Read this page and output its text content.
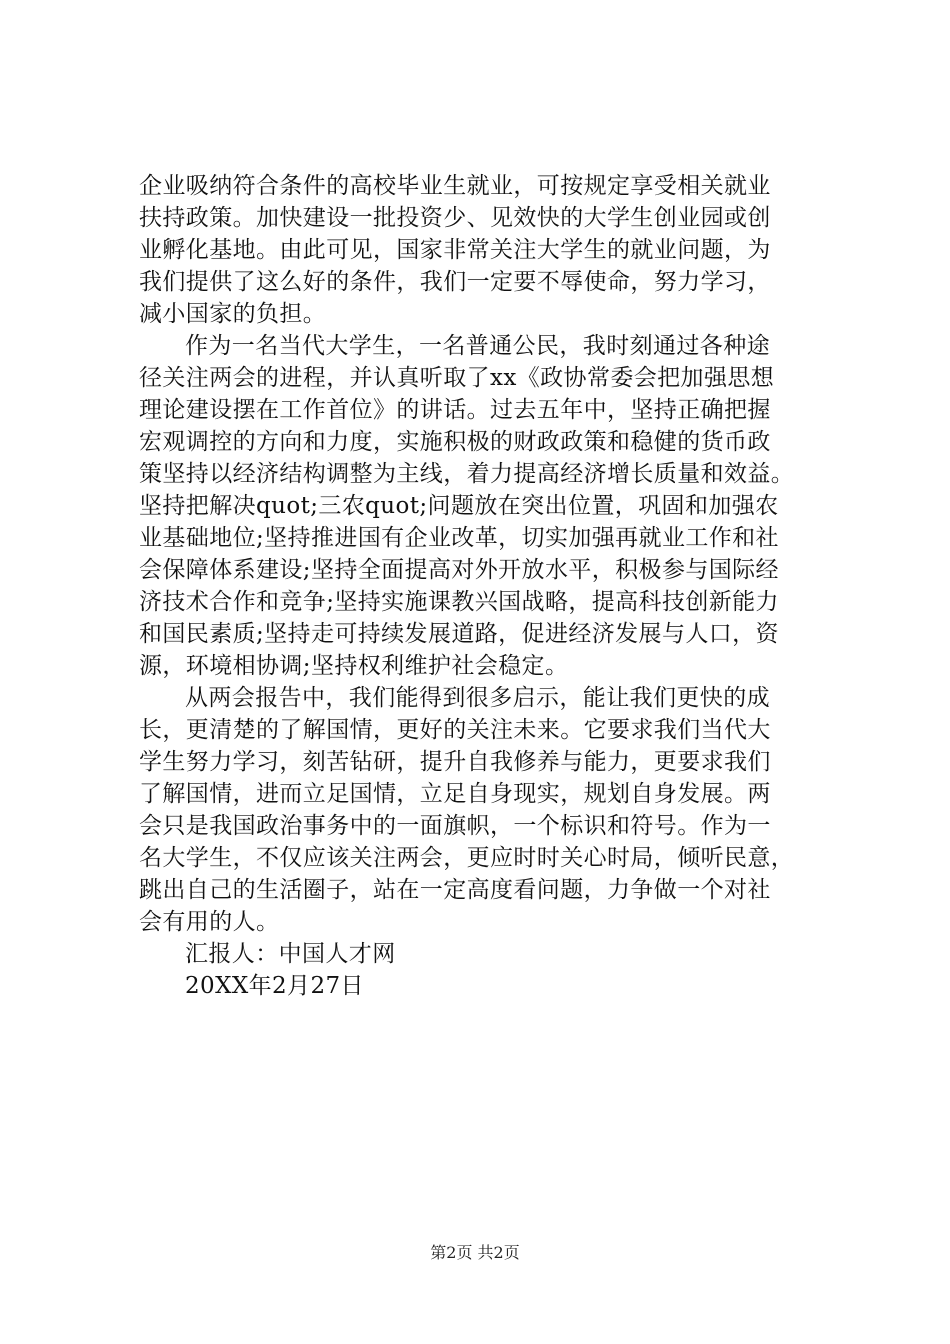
企业吸纳符合条件的高校毕业生就业，可按规定享受相关就业
扶持政策。加快建设一批投资少、见效快的大学生创业园或创
业孵化基地。由此可见，国家非常关注大学生的就业问题，为
我们提供了这么好的条件，我们一定要不辱使命，努力学习，
减小国家的负担。
作为一名当代大学生，一名普通公民，我时刻通过各种途
径关注两会的进程，并认真听取了xx《政协常委会把加强思想
理论建设摆在工作首位》的讲话。过去五年中，坚持正确把握
宏观调控的方向和力度，实施积极的财政政策和稳健的货币政
策坚持以经济结构调整为主线，着力提高经济增长质量和效益。
坚持把解决quot;三农quot;问题放在突出位置，巩固和加强农
业基础地位;坚持推进国有企业改革，切实加强再就业工作和社
会保障体系建设;坚持全面提高对外开放水平，积极参与国际经
济技术合作和竞争;坚持实施课教兴国战略，提高科技创新能力
和国民素质;坚持走可持续发展道路，促进经济发展与人口，资
源，环境相协调;坚持权利维护社会稳定。
从两会报告中，我们能得到很多启示，能让我们更快的成
长，更清楚的了解国情，更好的关注未来。它要求我们当代大
学生努力学习，刻苦钻研，提升自我修养与能力，更要求我们
了解国情，进而立足国情，立足自身现实，规划自身发展。两
会只是我国政治事务中的一面旗帜，一个标识和符号。作为一
名大学生，不仅应该关注两会，更应时时关心时局，倾听民意，
跳出自己的生活圈子，站在一定高度看问题，力争做一个对社
会有用的人。
汇报人：中国人才网
20XX年2月27日
第2页 共2页
